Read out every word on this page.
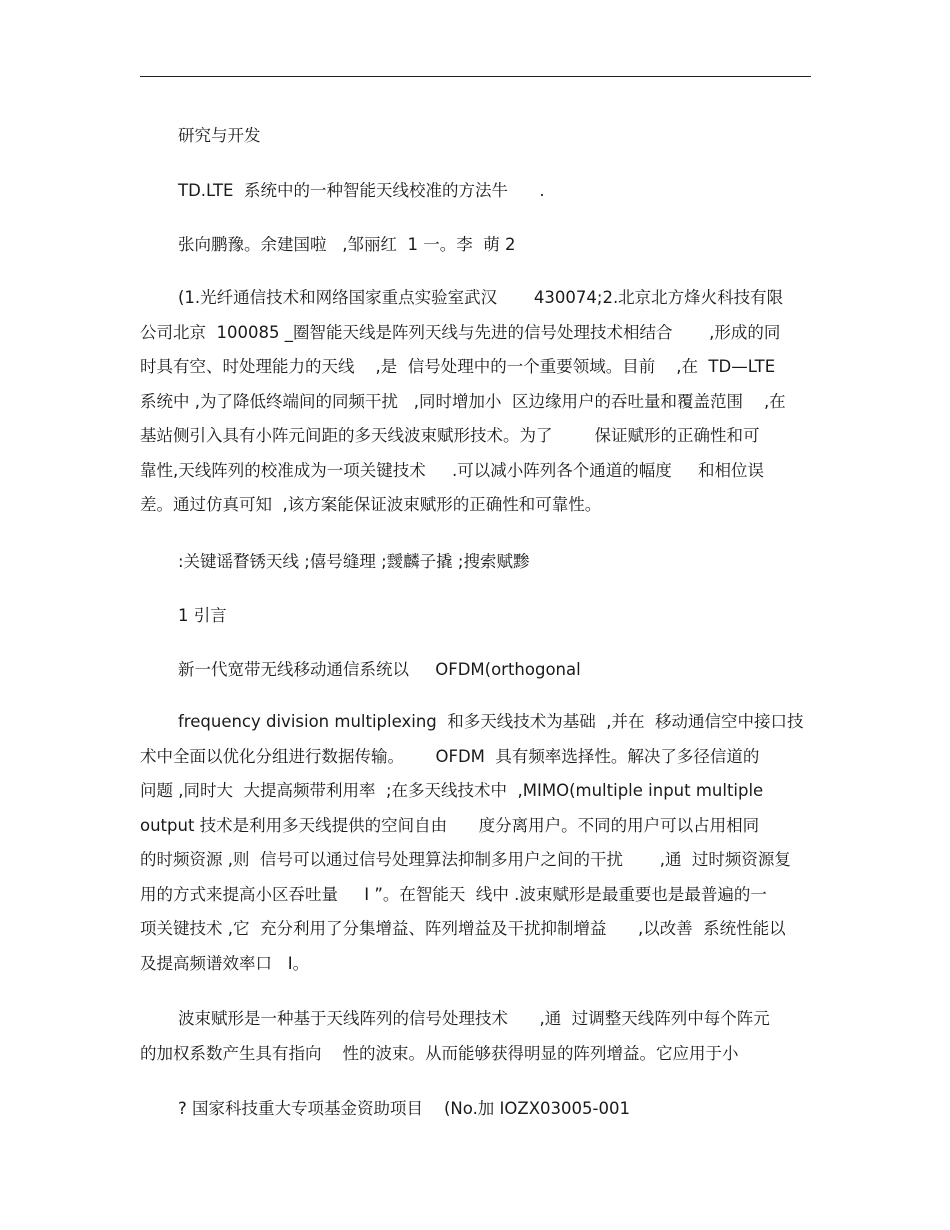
研究与开发
TD.LTE  系统中的一种智能天线校准的方法牛      .
张向鹏豫。余建国啦   ,邹丽红  1 一。李  萌 2
(1.光纤通信技术和网络国家重点实验室武汉       430074;2.北京北方烽火科技有限
公司北京  100085 _圈智能天线是阵列天线与先进的信号处理技术相结合       ,形成的同
时具有空、时处理能力的天线    ,是  信号处理中的一个重要领域。目前    ,在  TD—LTE
系统中 ,为了降低终端间的同频干扰   ,同时增加小  区边缘用户的吞吐量和覆盖范围    ,在
基站侧引入具有小阵元间距的多天线波束赋形技术。为了        保证赋形的正确性和可
靠性,天线阵列的校准成为一项关键技术     .可以减小阵列各个通道的幅度     和相位误
差。通过仿真可知  ,该方案能保证波束赋形的正确性和可靠性。
:关键谣瞀锈天线 ;僖号缝理 ;靉麟子撬 ;搜索赋黪
1 引言
新一代宽带无线移动通信系统以     OFDM(orthogonal
frequency division multiplexing  和多天线技术为基础  ,并在  移动通信空中接口技
术中全面以优化分组进行数据传输。      OFDM  具有频率选择性。解决了多径信道的
问题 ,同时大  大提高频带利用率  ;在多天线技术中  ,MIMO(multiple input multiple
output 技术是利用多天线提供的空间自由      度分离用户。不同的用户可以占用相同
的时频资源 ,则  信号可以通过信号处理算法抑制多用户之间的干扰       ,通  过时频资源复
用的方式来提高小区吞吐量     I ”。在智能天  线中 .波束赋形是最重要也是最普遍的一
项关键技术 ,它  充分利用了分集增益、阵列增益及干扰抑制增益      ,以改善  系统性能以
及提高频谱效率口   I。
波束赋形是一种基于天线阵列的信号处理技术      ,通  过调整天线阵列中每个阵元
的加权系数产生具有指向    性的波束。从而能够获得明显的阵列增益。它应用于小
? 国家科技重大专项基金资助项目    (No.加 IOZX03005-001
